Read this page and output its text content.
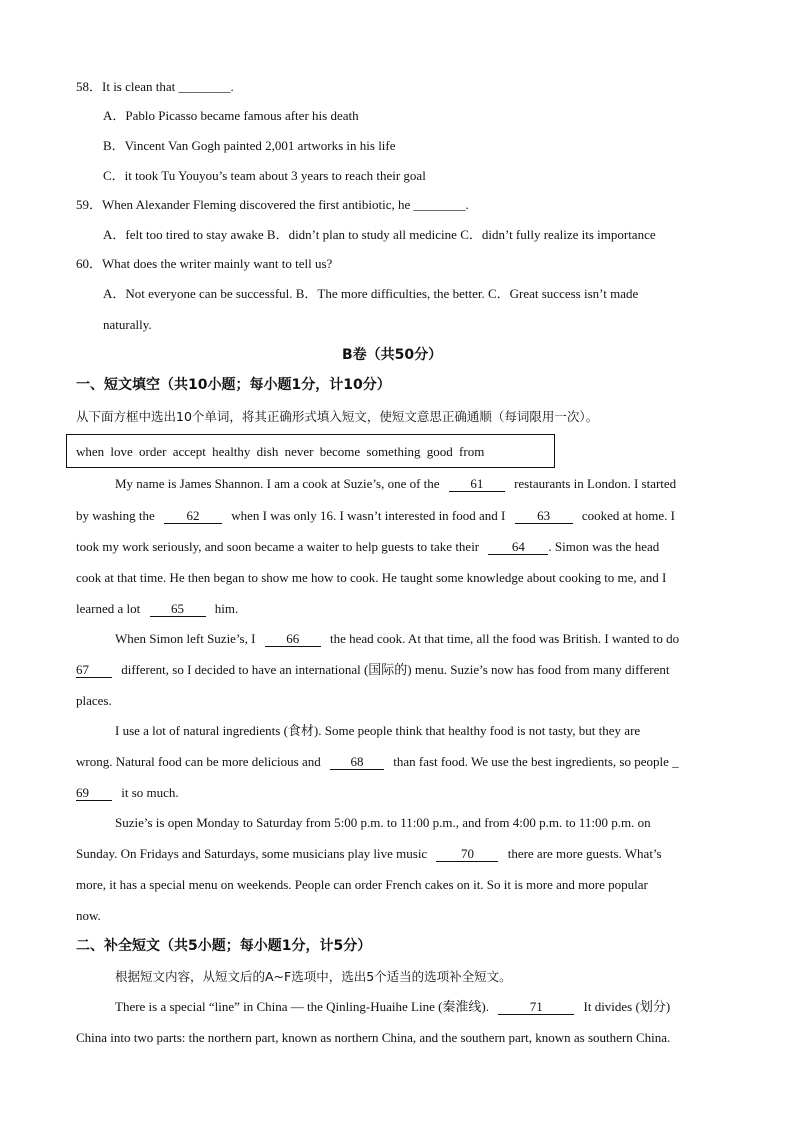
58．It is clean that ________.
A．Pablo Picasso became famous after his death
B．Vincent Van Gogh painted 2,001 artworks in his life
C．it took Tu Youyou’s team about 3 years to reach their goal
59．When Alexander Fleming discovered the first antibiotic, he ________.
A．felt too tired to stay awake B．didn’t plan to study all medicine C．didn’t fully realize its importance
60．What does the writer mainly want to tell us?
A．Not everyone can be successful. B．The more difficulties, the better. C．Great success isn’t made
naturally.
B卷（共50分）
一、短文填空（共10小题；每小题1分，计10分）
从下面方框中选出10个单词，将其正确形式填入短文，使短文意思正确通顺（每词限用一次）。
when love order accept healthy dish never become something good from
My name is James Shannon. I am a cook at Suzie’s, one of the 61 restaurants in London. I started
by washing the 62 when I was only 16. I wasn’t interested in food and I 63 cooked at home. I
took my work seriously, and soon became a waiter to help guests to take their	64 . Simon was the head
cook at that time. He then began to show me how to cook. He taught some knowledge about cooking to me, and I
learned a lot 65 him.
When Simon left Suzie’s, I 66 the head cook. At that time, all the food was British. I wanted to do
67 different, so I decided to have an international (国际的) menu. Suzie’s now has food from many different
places.
I use a lot of natural ingredients (食材). Some people think that healthy food is not tasty, but they are
wrong. Natural food can be more delicious and 68 than fast food. We use the best ingredients, so people _
69 it so much.
Suzie’s is open Monday to Saturday from 5:00 p.m. to 11:00 p.m., and from 4:00 p.m. to 11:00 p.m. on
Sunday. On Fridays and Saturdays, some musicians play live music	70	there are more guests. What’s
more, it has a special menu on weekends. People can order French cakes on it. So it is more and more popular
now.
二、补全短文（共5小题；每小题1分，计5分）
根据短文内容，从短文后的A~F选项中，选出5个适当的选项补全短文。
There is a special “line” in China — the Qinling-Huaihe Line (秦淮线).	71	It divides (划分)
China into two parts: the northern part, known as northern China, and the southern part, known as southern China.
